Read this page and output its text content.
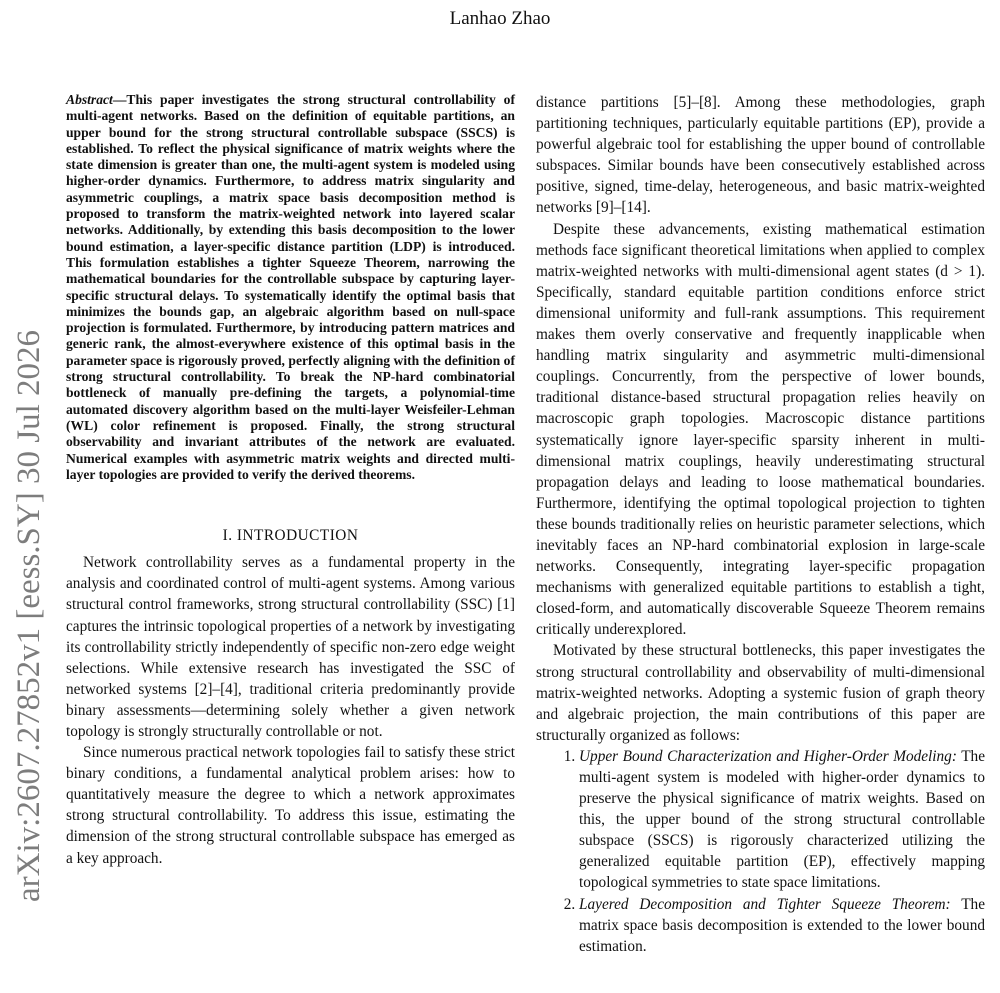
Lanhao Zhao
arXiv:2607.27852v1 [eess.SY] 30 Jul 2026
Abstract—This paper investigates the strong structural controllability of multi-agent networks. Based on the definition of equitable partitions, an upper bound for the strong structural controllable subspace (SSCS) is established. To reflect the physical significance of matrix weights where the state dimension is greater than one, the multi-agent system is modeled using higher-order dynamics. Furthermore, to address matrix singularity and asymmetric couplings, a matrix space basis decomposition method is proposed to transform the matrix-weighted network into layered scalar networks. Additionally, by extending this basis decomposition to the lower bound estimation, a layer-specific distance partition (LDP) is introduced. This formulation establishes a tighter Squeeze Theorem, narrowing the mathematical boundaries for the controllable subspace by capturing layer-specific structural delays. To systematically identify the optimal basis that minimizes the bounds gap, an algebraic algorithm based on null-space projection is formulated. Furthermore, by introducing pattern matrices and generic rank, the almost-everywhere existence of this optimal basis in the parameter space is rigorously proved, perfectly aligning with the definition of strong structural controllability. To break the NP-hard combinatorial bottleneck of manually pre-defining the targets, a polynomial-time automated discovery algorithm based on the multi-layer Weisfeiler-Lehman (WL) color refinement is proposed. Finally, the strong structural observability and invariant attributes of the network are evaluated. Numerical examples with asymmetric matrix weights and directed multi-layer topologies are provided to verify the derived theorems.
I. INTRODUCTION

Network controllability serves as a fundamental property in the analysis and coordinated control of multi-agent systems. Among various structural control frameworks, strong structural controllability (SSC) [1] captures the intrinsic topological properties of a network by investigating its controllability strictly independently of specific non-zero edge weight selections. While extensive research has investigated the SSC of networked systems [2]–[4], traditional criteria predominantly provide binary assessments—determining solely whether a given network topology is strongly structurally controllable or not.

Since numerous practical network topologies fail to satisfy these strict binary conditions, a fundamental analytical problem arises: how to quantitatively measure the degree to which a network approximates strong structural controllability. To address this issue, estimating the dimension of the strong structural controllable subspace has emerged as a key approach.

distance partitions [5]–[8]. Among these methodologies, graph partitioning techniques, particularly equitable partitions (EP), provide a powerful algebraic tool for establishing the upper bound of controllable subspaces. Similar bounds have been consecutively established across positive, signed, time-delay, heterogeneous, and basic matrix-weighted networks [9]–[14].

Despite these advancements, existing mathematical estimation methods face significant theoretical limitations when applied to complex matrix-weighted networks with multi-dimensional agent states (d > 1). Specifically, standard equitable partition conditions enforce strict dimensional uniformity and full-rank assumptions. This requirement makes them overly conservative and frequently inapplicable when handling matrix singularity and asymmetric multi-dimensional couplings. Concurrently, from the perspective of lower bounds, traditional distance-based structural propagation relies heavily on macroscopic graph topologies. Macroscopic distance partitions systematically ignore layer-specific sparsity inherent in multi-dimensional matrix couplings, heavily underestimating structural propagation delays and leading to loose mathematical boundaries. Furthermore, identifying the optimal topological projection to tighten these bounds traditionally relies on heuristic parameter selections, which inevitably faces an NP-hard combinatorial explosion in large-scale networks. Consequently, integrating layer-specific propagation mechanisms with generalized equitable partitions to establish a tight, closed-form, and automatically discoverable Squeeze Theorem remains critically underexplored.

Motivated by these structural bottlenecks, this paper investigates the strong structural controllability and observability of multi-dimensional matrix-weighted networks. Adopting a systemic fusion of graph theory and algebraic projection, the main contributions of this paper are structurally organized as follows:

1. Upper Bound Characterization and Higher-Order Modeling: The multi-agent system is modeled with higher-order dynamics to preserve the physical significance of matrix weights. Based on this, the upper bound of the strong structural controllable subspace (SSCS) is rigorously characterized utilizing the generalized equitable partition (EP), effectively mapping topological symmetries to state space limitations.
2. Layered Decomposition and Tighter Squeeze Theorem: The matrix space basis decomposition is extended to the lower bound estimation.
